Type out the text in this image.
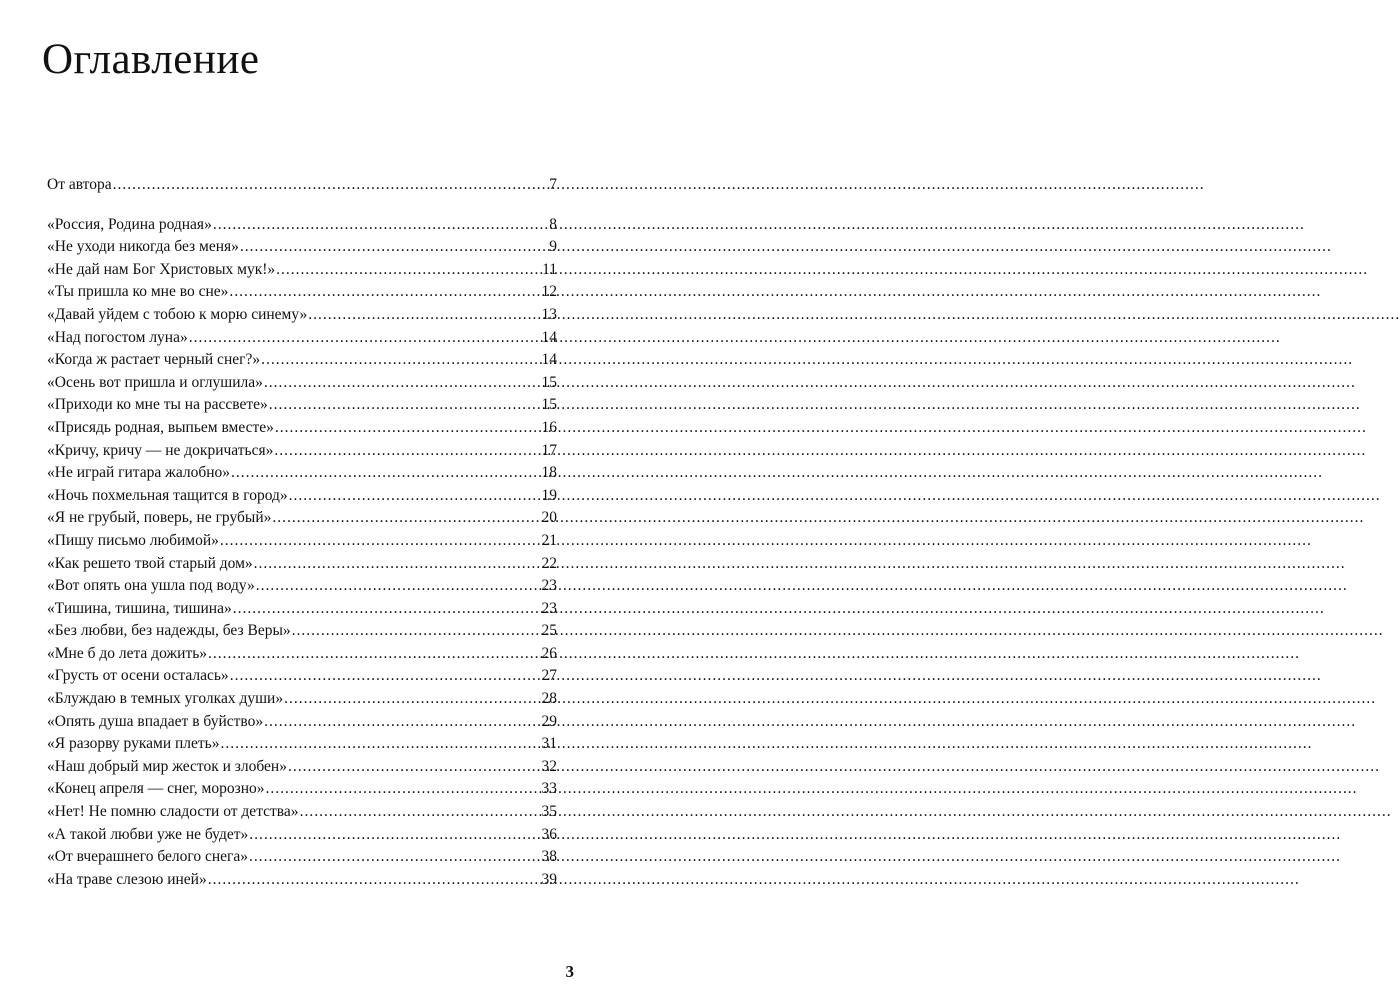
Оглавление
От автора .....	7
«Россия, Родина родная» .....	8
«Не уходи никогда без меня» .....	9
«Не дай нам Бог Христовых мук!» .....	11
«Ты пришла ко мне во сне» .....	12
«Давай уйдем с тобою к морю синему» .....	13
«Над погостом луна» .....	14
«Когда ж растает черный снег?» .....	14
«Осень вот пришла и оглушила» .....	15
«Приходи ко мне ты на рассвете» .....	15
«Присядь родная, выпьем вместе» .....	16
«Кричу, кричу — не докричаться» .....	17
«Не играй гитара жалобно» .....	18
«Ночь похмельная тащится в город» .....	19
«Я не грубый, поверь, не грубый» .....	20
«Пишу письмо любимой» .....	21
«Как решето твой старый дом» .....	22
«Вот опять она ушла под воду» .....	23
«Тишина, тишина, тишина» .....	23
«Без любви, без надежды, без Веры» .....	25
«Мне б до лета дожить» .....	26
«Грусть от осени осталась» .....	27
«Блуждаю в темных уголках души» .....	28
«Опять душа впадает в буйство» .....	29
«Я разорву руками плеть» .....	31
«Наш добрый мир жесток и злобен» .....	32
«Конец апреля — снег, морозно» .....	33
«Нет! Не помню сладости от детства» .....	35
«А такой любви уже не будет» .....	36
«От вчерашнего белого снега» .....	38
«На траве слезою иней» .....	39
3
